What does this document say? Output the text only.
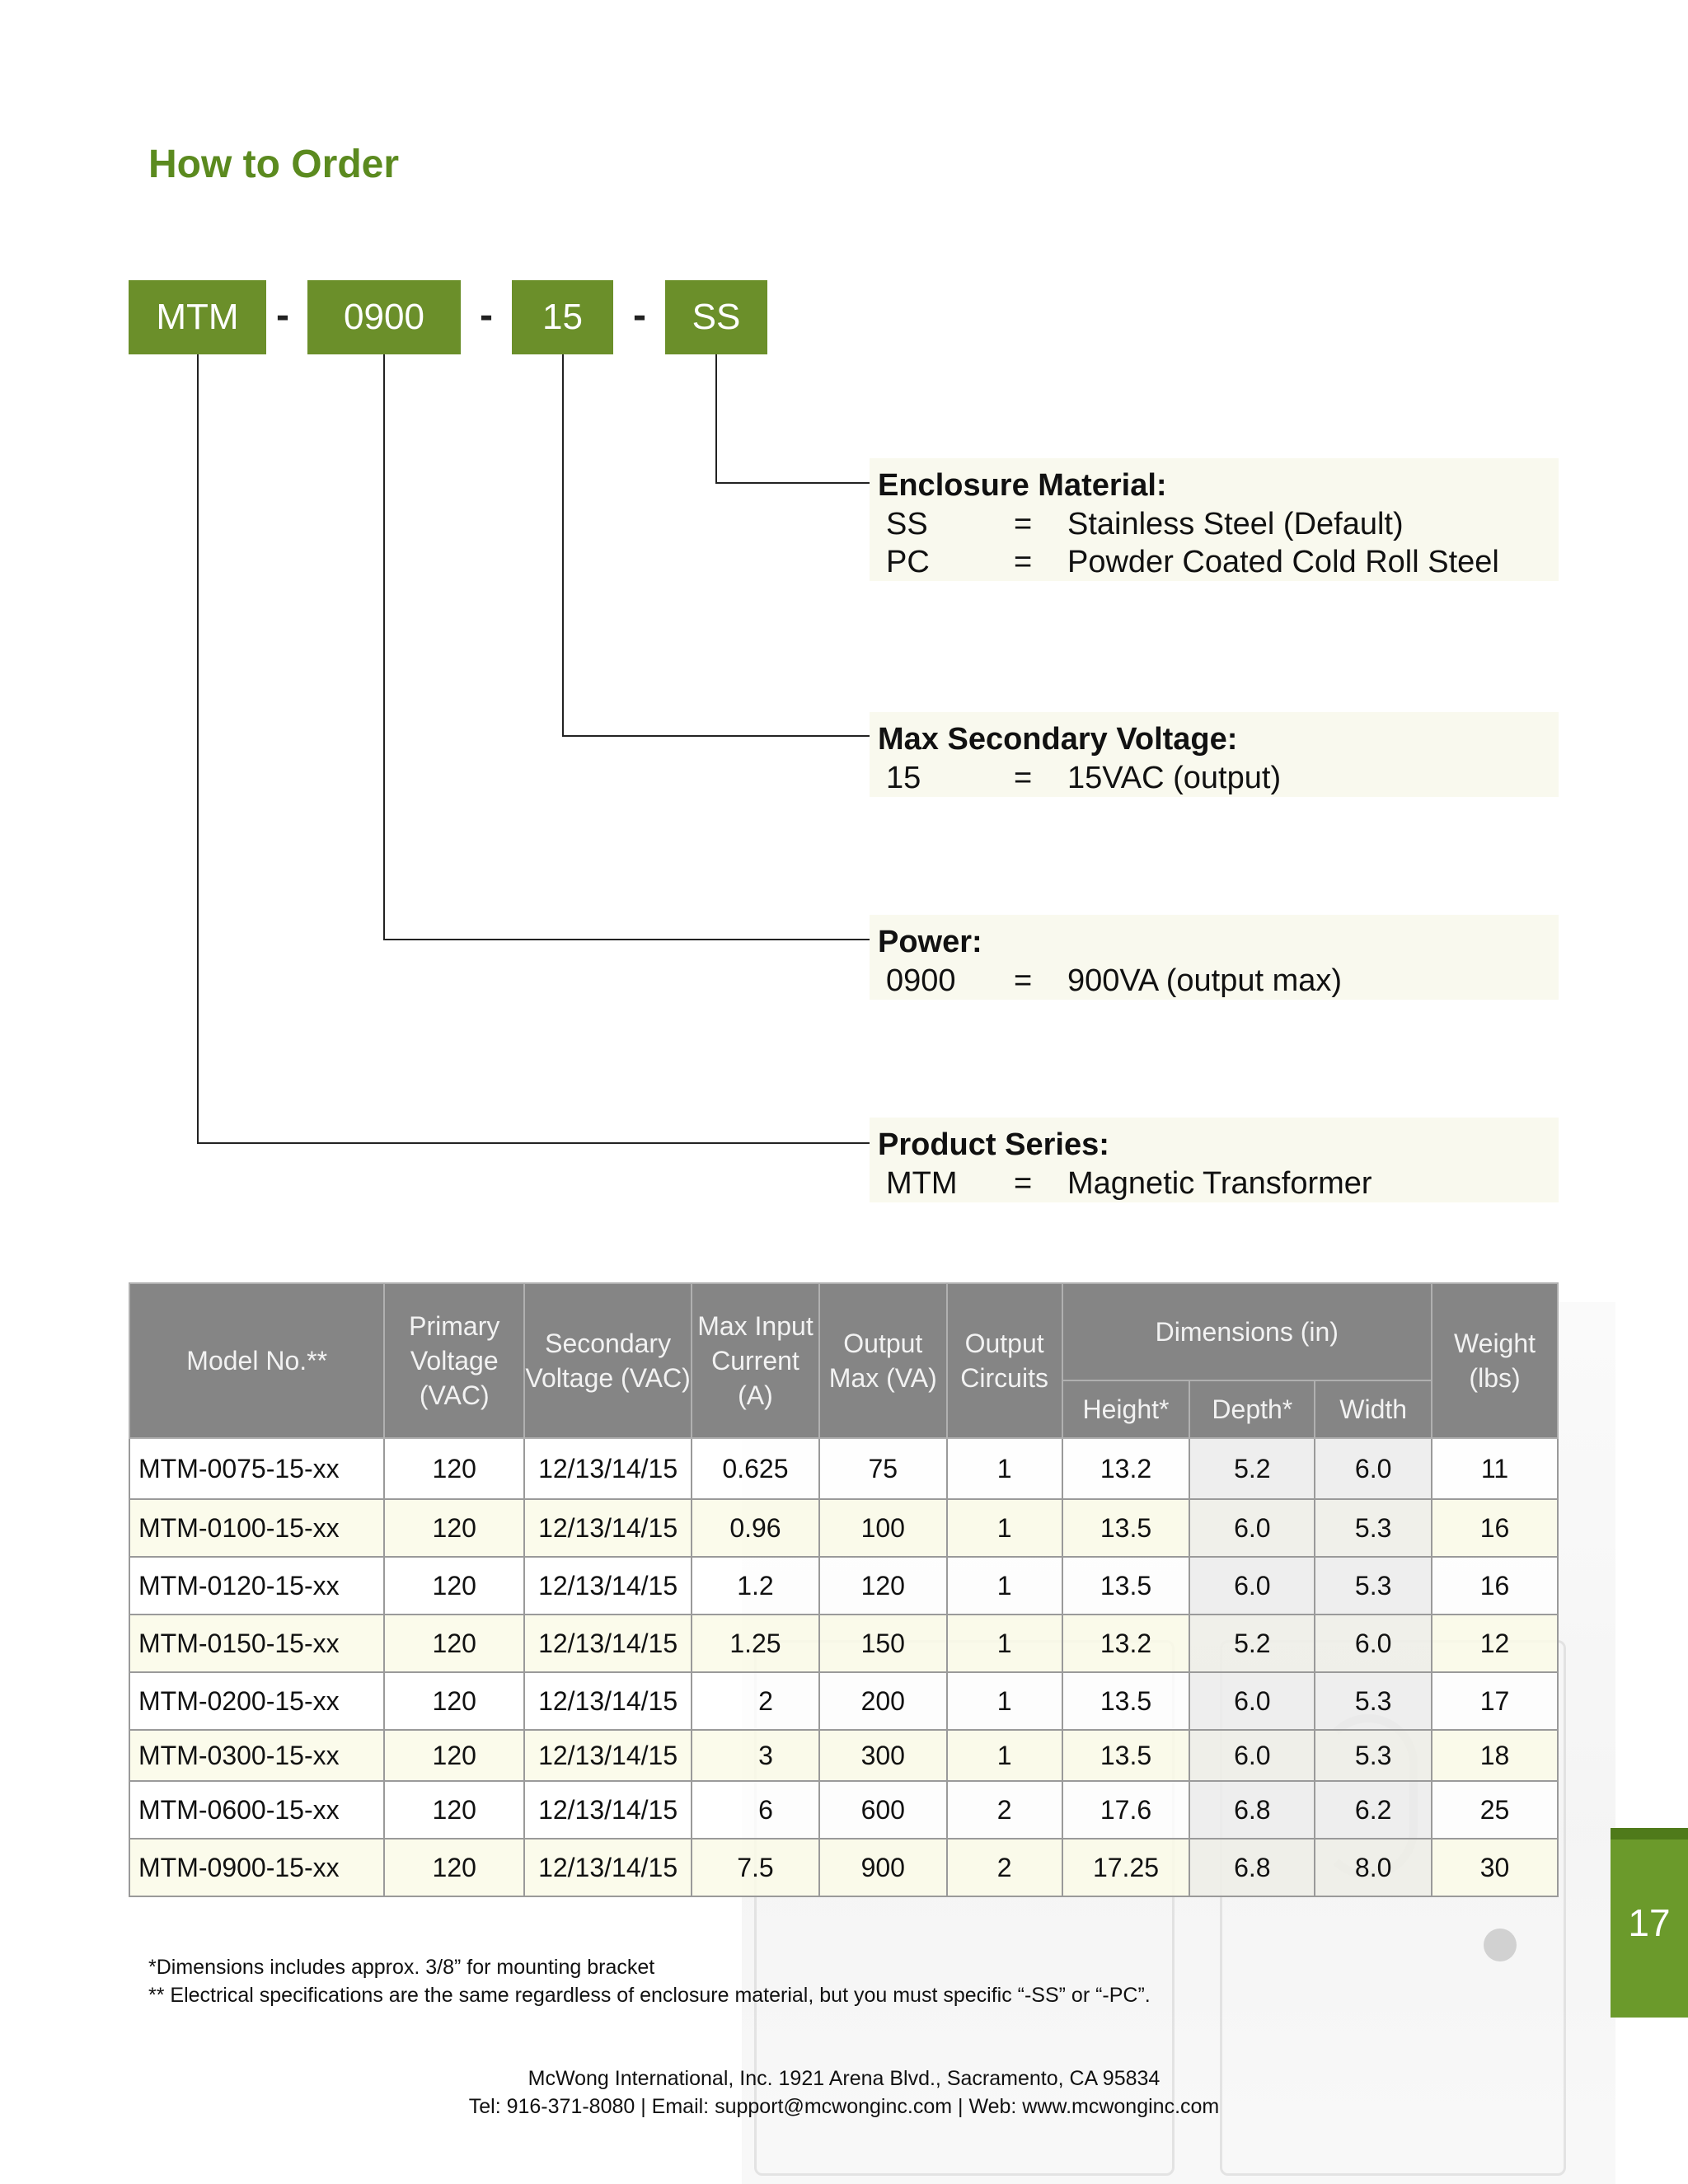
How to Order
MTM -	0900	-	15	-	SS
Enclosure Material:
SS	=	Stainless Steel (Default)
PC	=	Powder Coated Cold Roll Steel
Max Secondary Voltage:
15	=	15VAC (output)
Power:
0900	=	900VA (output max)
Product Series:
MTM	=	Magnetic Transformer
Model No.**	Primary Voltage (VAC)	Secondary Voltage (VAC)	Max Input Current (A)	Output Max (VA)	Output Circuits	Dimensions (in)			Weight (lbs)
						Height*	Depth*	Width	
MTM-0075-15-xx	120	12/13/14/15	0.625	75	1	13.2	5.2	6.0	11
MTM-0100-15-xx	120	12/13/14/15	0.96	100	1	13.5	6.0	5.3	16
MTM-0120-15-xx	120	12/13/14/15	1.2	120	1	13.5	6.0	5.3	16
MTM-0150-15-xx	120	12/13/14/15	1.25	150	1	13.2	5.2	6.0	12
MTM-0200-15-xx	120	12/13/14/15	2	200	1	13.5	6.0	5.3	17
MTM-0300-15-xx	120	12/13/14/15	3	300	1	13.5	6.0	5.3	18
MTM-0600-15-xx	120	12/13/14/15	6	600	2	17.6	6.8	6.2	25
MTM-0900-15-xx	120	12/13/14/15	7.5	900	2	17.25	6.8	8.0	30
*Dimensions includes approx. 3/8” for mounting bracket
** Electrical specifications are the same regardless of enclosure material, but you must specific “-SS” or “-PC”.
McWong International, Inc. 1921 Arena Blvd., Sacramento, CA 95834
Tel: 916-371-8080 | Email: support@mcwonginc.com | Web: www.mcwonginc.com
17
